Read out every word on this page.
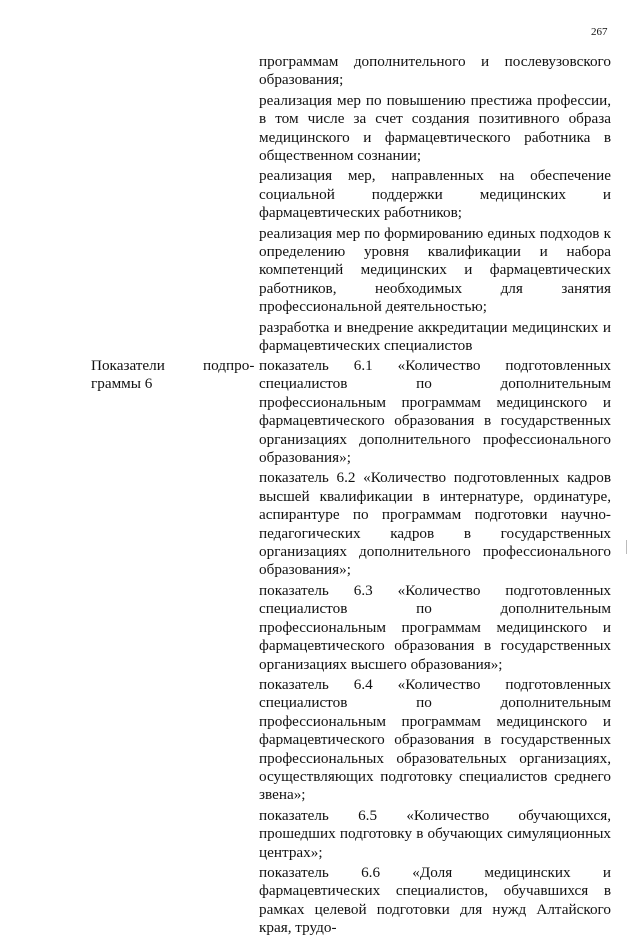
267

программам дополнительного и послевузовского образования;

реализация мер по повышению престижа профессии, в том числе за счет создания позитивного образа медицинского и фармацевтического работника в общественном сознании;

реализация мер, направленных на обеспечение социальной поддержки медицинских и фармацевтических работников;

реализация мер по формированию единых подходов к определению уровня квалификации и набора компетенций медицинских и фармацевтических работников, необходимых для занятия профессиональной деятельностью;

разработка и внедрение аккредитации медицинских и фармацевтических специалистов

Показатели граммы 6
подпро- показатель 6.1 «Количество подготовленных специалистов по дополнительным профессиональным программам медицинского и фармацевтического образования в государственных организациях дополнительного профессионального образования»;

показатель 6.2 «Количество подготовленных кадров высшей квалификации в интернатуре, ординатуре, аспирантуре по программам подготовки научно-педагогических кадров в государственных организациях дополнительного профессионального образования»;

показатель 6.3 «Количество подготовленных специалистов по дополнительным профессиональным программам медицинского и фармацевтического образования в государственных организациях высшего образования»;

показатель 6.4 «Количество подготовленных специалистов по дополнительным профессиональным программам медицинского и фармацевтического образования в государственных профессиональных образовательных организациях, осуществляющих подготовку специалистов среднего звена»;

показатель 6.5 «Количество обучающихся, прошедших подготовку в обучающих симуляционных центрах»;

показатель 6.6 «Доля медицинских и фармацевтических специалистов, обучавшихся в рамках целевой подготовки для нужд Алтайского края, трудо-
